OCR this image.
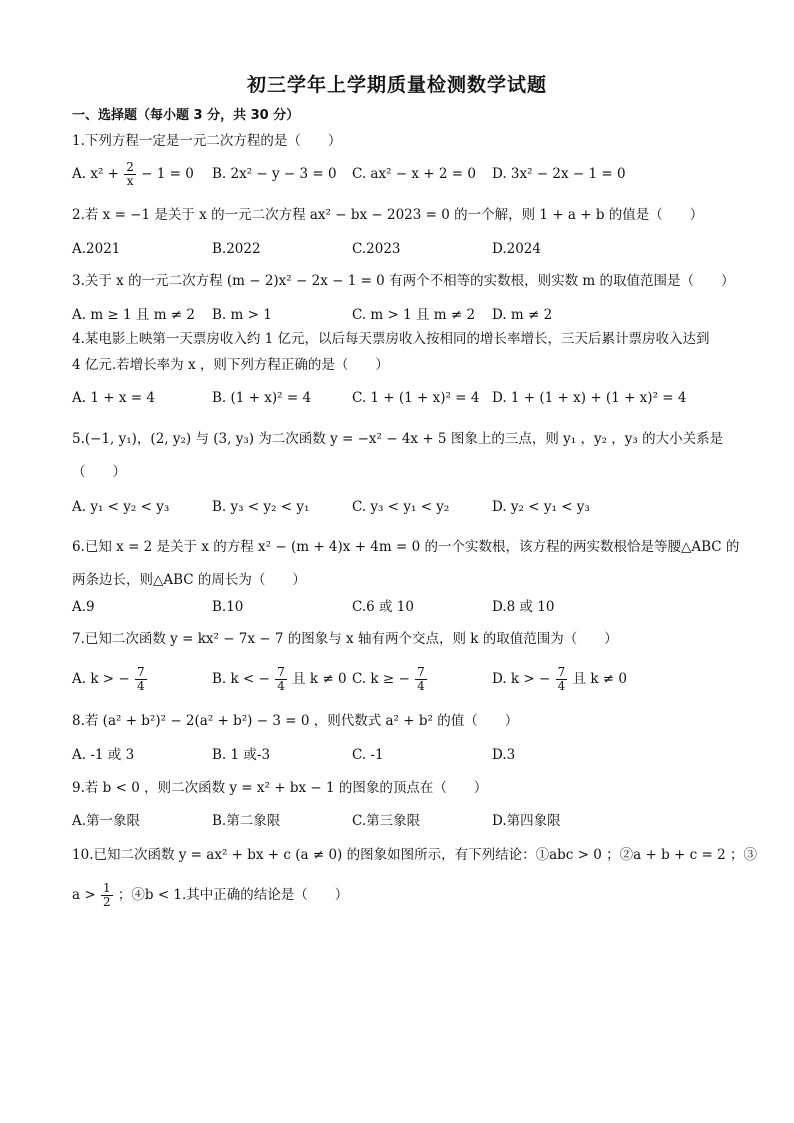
初三学年上学期质量检测数学试题
一、选择题（每小题 3 分，共 30 分）
1.下列方程一定是一元二次方程的是（　　）
A. $x^2 + \frac{2}{x} - 1 = 0$ B. 2x² − y − 3 = 0 C. ax² − x + 2 = 0 D. 3x² − 2x − 1 = 0
2.若 x = −1 是关于 x 的一元二次方程 ax² − bx − 2023 = 0 的一个解，则 1 + a + b 的值是（　　）
A.2021	B.2022	C.2023	D.2024
3.关于 x 的一元二次方程 (m − 2)x² − 2x − 1 = 0 有两个不相等的实数根，则实数 m 的取值范围是（　　）
A. m ≥ 1 且 m ≠ 2 B. m > 1	C. m > 1 且 m ≠ 2 D. m ≠ 2
4.某电影上映第一天票房收入约 1 亿元，以后每天票房收入按相同的增长率增长，三天后累计票房收入达到
4 亿元.若增长率为 x ，则下列方程正确的是（　　）
A. 1 + x = 4	B. (1 + x)² = 4	C. 1 + (1 + x)² = 4 D. 1 + (1 + x) + (1 + x)² = 4
5.(−1, y₁)，(2, y₂) 与 (3, y₃) 为二次函数 y = −x² − 4x + 5 图象上的三点，则 y₁ ，y₂ ，y₃ 的大小关系是
（　　）
A. y₁ < y₂ < y₃	B. y₃ < y₂ < y₁	C. y₃ < y₁ < y₂	D. y₂ < y₁ < y₃
6.已知 x = 2 是关于 x 的方程 x² − (m + 4)x + 4m = 0 的一个实数根，该方程的两实数根恰是等腰△ABC 的
两条边长，则△ABC 的周长为（　　）
A.9	B.10	C.6 或 10	D.8 或 10
7.已知二次函数 y = kx² − 7x − 7 的图象与 x 轴有两个交点，则 k 的取值范围为（　　）
A. k > − $\frac{7}{4}$	B. k < − $\frac{7}{4}$ 且 k ≠ 0 C. k ≥ − $\frac{7}{4}$	D. k > − $\frac{7}{4}$ 且 k ≠ 0
8.若 (a² + b²)² − 2(a² + b²) − 3 = 0 ，则代数式 a² + b² 的值（　　）
A. -1 或 3	B. 1 或-3	C. -1	D.3
9.若 b < 0 ，则二次函数 y = x² + bx − 1 的图象的顶点在（　　）
A.第一象限	B.第二象限	C.第三象限	D.第四象限
10.已知二次函数 y = ax² + bx + c (a ≠ 0) 的图象如图所示，有下列结论：①abc > 0 ；②a + b + c = 2 ；③
$a > \frac{1}{2}$ ；④b < 1.其中正确的结论是（　　）
